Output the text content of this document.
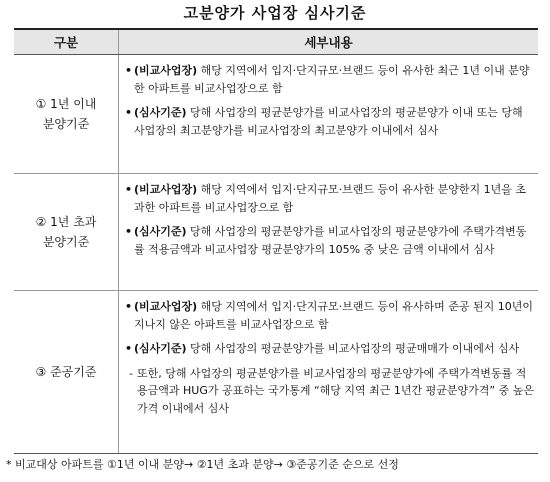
고분양가 사업장 심사기준
구분	세부내용
① 1년 이내
분양기준
• (비교사업장) 해당 지역에서 입지·단지규모·브랜드 등이 유사한 최근 1년 이내 분양한 아파트를 비교사업장으로 함
• (심사기준) 당해 사업장의 평균분양가를 비교사업장의 평균분양가 이내 또는 당해 사업장의 최고분양가를 비교사업장의 최고분양가 이내에서 심사
② 1년 초과
분양기준
• (비교사업장) 해당 지역에서 입지·단지규모·브랜드 등이 유사한 분양한지 1년을 초과한 아파트를 비교사업장으로 함
• (심사기준) 당해 사업장의 평균분양가를 비교사업장의 평균분양가에 주택가격변동률 적용금액과 비교사업장 평균분양가의 105% 중 낮은 금액 이내에서 심사
③ 준공기준
• (비교사업장) 해당 지역에서 입지·단지규모·브랜드 등이 유사하며 준공 된지 10년이 지나지 않은 아파트를 비교사업장으로 함
• (심사기준) 당해 사업장의 평균분양가를 비교사업장의 평균매매가 이내에서 심사
- 또한, 당해 사업장의 평균분양가를 비교사업장의 평균분양가에 주택가격변동률 적용금액과 HUG가 공표하는 국가통계 “해당 지역 최근 1년간 평균분양가격” 중 높은 가격 이내에서 심사
* 비교대상 아파트를 ①1년 이내 분양→ ②1년 초과 분양→ ③준공기준 순으로 선정
